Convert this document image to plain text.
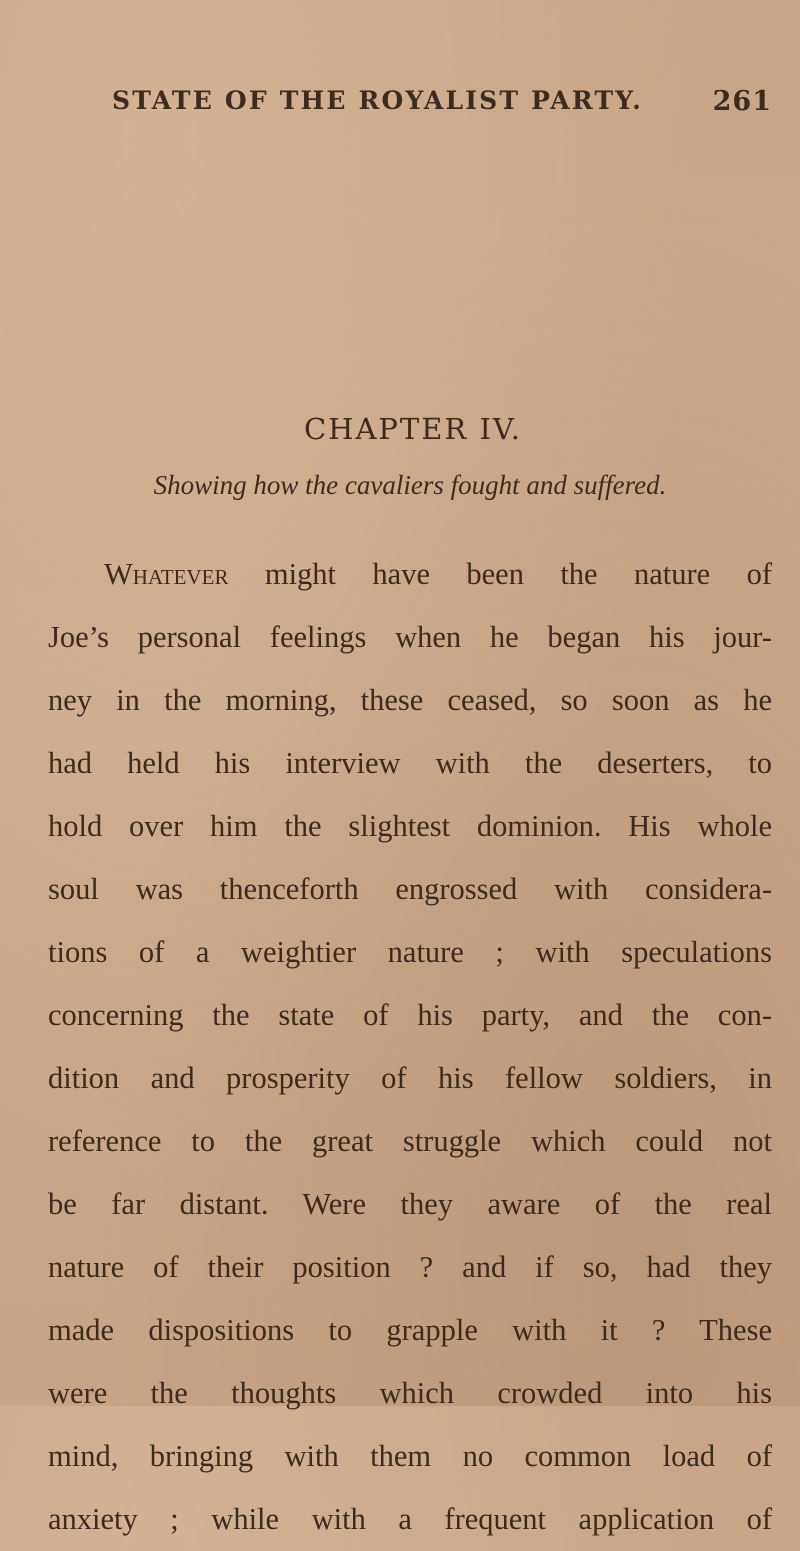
STATE OF THE ROYALIST PARTY.	261
CHAPTER IV.
Showing how the cavaliers fought and suffered.
Whatever might have been the nature of
Joe’s personal feelings when he began his jour-
ney in the morning, these ceased, so soon as he
had held his interview with the deserters, to
hold over him the slightest dominion. His whole
soul was thenceforth engrossed with considera-
tions of a weightier nature ; with speculations
concerning the state of his party, and the con-
dition and prosperity of his fellow soldiers, in
reference to the great struggle which could not
be far distant. Were they aware of the real
nature of their position ? and if so, had they
made dispositions to grapple with it ? These
were the thoughts which crowded into his
mind, bringing with them no common load of
anxiety ; while with a frequent application of
